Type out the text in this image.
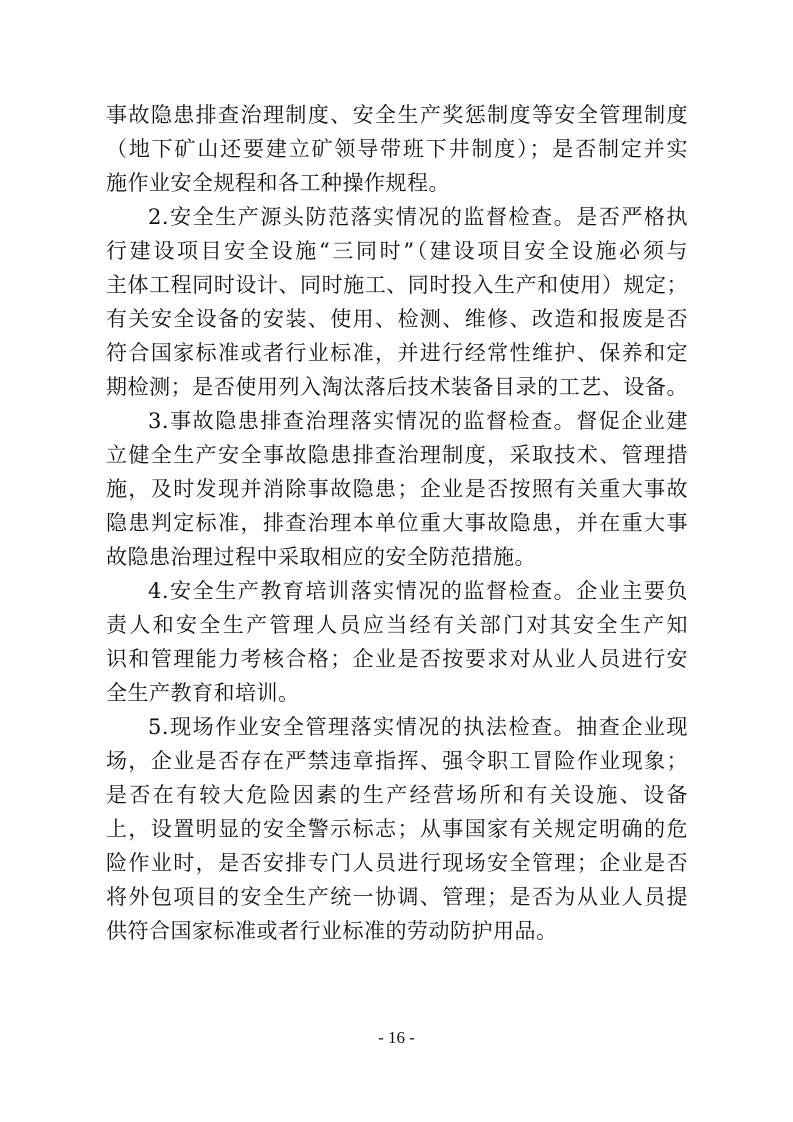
事故隐患排查治理制度、安全生产奖惩制度等安全管理制度
（地下矿山还要建立矿领导带班下井制度）；是否制定并实
施作业安全规程和各工种操作规程。
2.安全生产源头防范落实情况的监督检查。是否严格执
行建设项目安全设施“三同时”（建设项目安全设施必须与
主体工程同时设计、同时施工、同时投入生产和使用）规定；
有关安全设备的安装、使用、检测、维修、改造和报废是否
符合国家标准或者行业标准，并进行经常性维护、保养和定
期检测；是否使用列入淘汰落后技术装备目录的工艺、设备。
3.事故隐患排查治理落实情况的监督检查。督促企业建
立健全生产安全事故隐患排查治理制度，采取技术、管理措
施，及时发现并消除事故隐患；企业是否按照有关重大事故
隐患判定标准，排查治理本单位重大事故隐患，并在重大事
故隐患治理过程中采取相应的安全防范措施。
4.安全生产教育培训落实情况的监督检查。企业主要负
责人和安全生产管理人员应当经有关部门对其安全生产知
识和管理能力考核合格；企业是否按要求对从业人员进行安
全生产教育和培训。
5.现场作业安全管理落实情况的执法检查。抽查企业现
场，企业是否存在严禁违章指挥、强令职工冒险作业现象；
是否在有较大危险因素的生产经营场所和有关设施、设备
上，设置明显的安全警示标志；从事国家有关规定明确的危
险作业时，是否安排专门人员进行现场安全管理；企业是否
将外包项目的安全生产统一协调、管理；是否为从业人员提
供符合国家标准或者行业标准的劳动防护用品。
- 16 -
